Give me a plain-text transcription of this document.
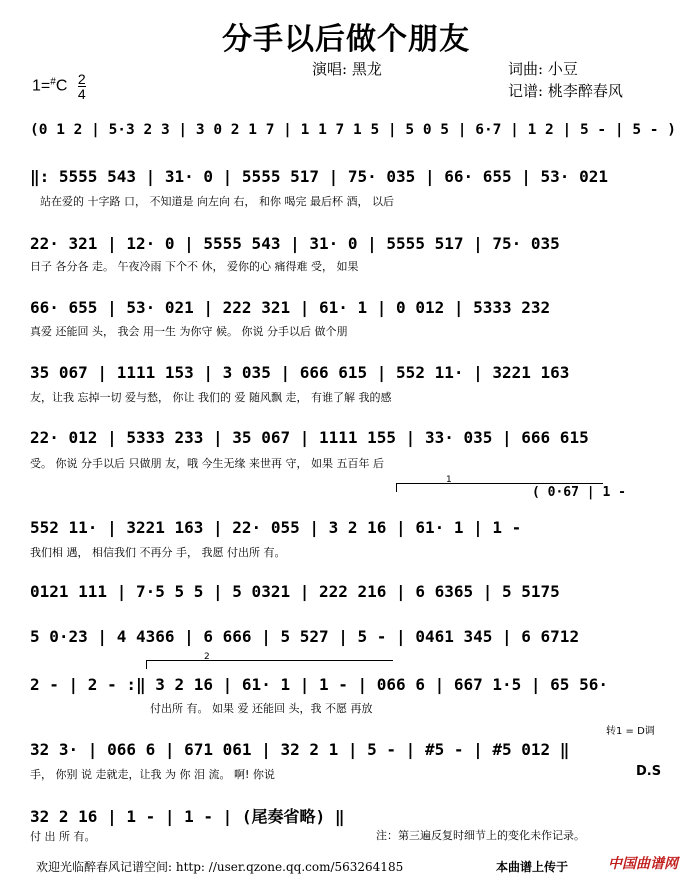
分手以后做个朋友
演唱: 黑龙	词曲: 小豆
记谱: 桃李醉春风
$1=^{\#}C \frac{2}{4}$
(0 1 2 | 5·3 2 3 | 3 0 2 1 7 | 1 1 7 1 5 | 5 0 5 | 6·7 | 1 2 | 5 - | 5 - )
‖: 5555 543 | 31· 0 | 5555 517 | 75· 035 | 66· 655 | 53· 021
站在爱的 十字路 口， 不知道是 向左向 右， 和你 喝完 最后杯 酒， 以后
22· 321 | 12· 0 | 5555 543 | 31· 0 | 5555 517 | 75· 035
日子 各分各 走。 午夜冷雨 下个不 休， 爱你的心 痛得难 受， 如果
66· 655 | 53· 021 | 222 321 | 61· 1 | 0 012 | 5333 232
真爱 还能回 头， 我会 用一生 为你守 候。 你说 分手以后 做个朋
35 067 | 1111 153 | 3 035 | 666 615 | 552 11· | 3221 163
友，让我 忘掉一切 爱与愁， 你让 我们的 爱 随风飘 走， 有谁了解 我的感
22· 012 | 5333 233 | 35 067 | 1111 155 | 33· 035 | 666 615
受。 你说 分手以后 只做朋 友，哦 今生无缘 来世再 守， 如果 五百年 后
1
( 0·67 | 1 -
552 11· | 3221 163 | 22· 055 | 3 2 16 | 61· 1 | 1 -
我们相 遇， 相信我们 不再分 手， 我愿 付出所 有。
0121 111 | 7·5 5 5 | 5 0321 | 222 216 | 6 6365 | 5 5175
5 0·23 | 4 4366 | 6 666 | 5 527 | 5 - | 0461 345 | 6 6712
2
2 - | 2 - :‖ 3 2 16 | 61· 1 | 1 - | 066 6 | 667 1·5 | 65 56·
付出所 有。 如果 爱 还能回 头，我 不愿 再放
转1 = D调
32 3· | 066 6 | 671 061 | 32 2 1 | 5 - | #5 - | #5 012 ‖
手， 你别 说 走就走，让我 为 你 泪 流。 啊! 你说	D.S
32 2 16 | 1 - | 1 - | (尾奏省略) ‖
付 出 所 有。	注：第三遍反复时细节上的变化未作记录。
欢迎光临醉春风记谱空间: http: //user.qzone.qq.com/563264185	本曲谱上传于	中国曲谱网
